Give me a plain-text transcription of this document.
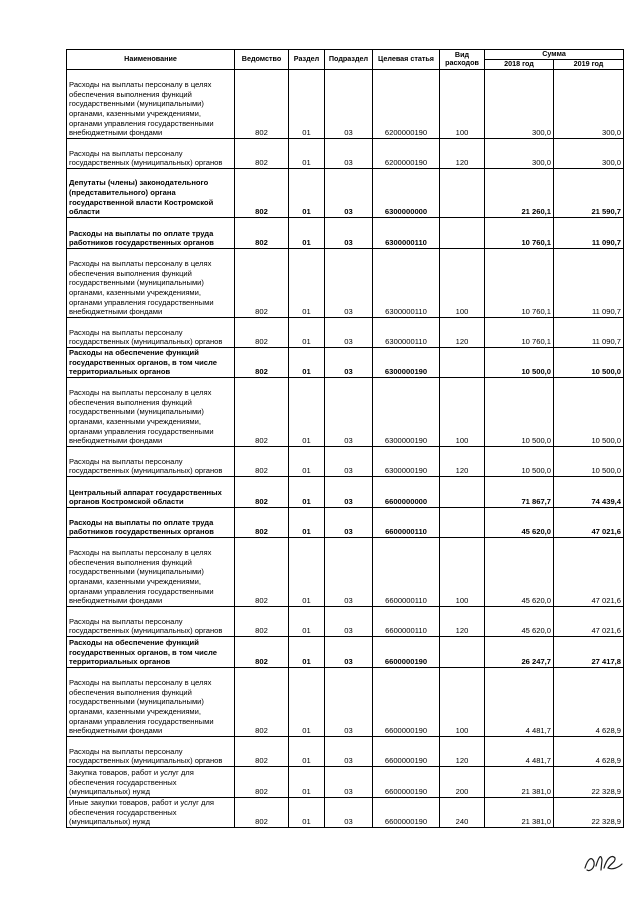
Наименование	Ведомство	Раздел	Подраздел	Целевая статья	Вид расходов	Сумма	
						2018 год	2019 год
Расходы на выплаты персоналу в целях обеспечения выполнения функций государственными (муниципальными) органами, казенными учреждениями, органами управления государственными внебюджетными фондами	802	01	03	6200000190	100	300,0	300,0
Расходы на выплаты персоналу государственных (муниципальных) органов	802	01	03	6200000190	120	300,0	300,0
Депутаты (члены) законодательного (представительного) органа государственной власти Костромской области	802	01	03	6300000000		21 260,1	21 590,7
Расходы на выплаты по оплате труда работников государственных органов	802	01	03	6300000110		10 760,1	11 090,7
Расходы на выплаты персоналу в целях обеспечения выполнения функций государственными (муниципальными) органами, казенными учреждениями, органами управления государственными внебюджетными фондами	802	01	03	6300000110	100	10 760,1	11 090,7
Расходы на выплаты персоналу государственных (муниципальных) органов	802	01	03	6300000110	120	10 760,1	11 090,7
Расходы на обеспечение функций государственных органов, в том числе территориальных органов	802	01	03	6300000190		10 500,0	10 500,0
Расходы на выплаты персоналу в целях обеспечения выполнения функций государственными (муниципальными) органами, казенными учреждениями, органами управления государственными внебюджетными фондами	802	01	03	6300000190	100	10 500,0	10 500,0
Расходы на выплаты персоналу государственных (муниципальных) органов	802	01	03	6300000190	120	10 500,0	10 500,0
Центральный аппарат государственных органов Костромской области	802	01	03	6600000000		71 867,7	74 439,4
Расходы на выплаты по оплате труда работников государственных органов	802	01	03	6600000110		45 620,0	47 021,6
Расходы на выплаты персоналу в целях обеспечения выполнения функций государственными (муниципальными) органами, казенными учреждениями, органами управления государственными внебюджетными фондами	802	01	03	6600000110	100	45 620,0	47 021,6
Расходы на выплаты персоналу государственных (муниципальных) органов	802	01	03	6600000110	120	45 620,0	47 021,6
Расходы на обеспечение функций государственных органов, в том числе территориальных органов	802	01	03	6600000190		26 247,7	27 417,8
Расходы на выплаты персоналу в целях обеспечения выполнения функций государственными (муниципальными) органами, казенными учреждениями, органами управления государственными внебюджетными фондами	802	01	03	6600000190	100	4 481,7	4 628,9
Расходы на выплаты персоналу государственных (муниципальных) органов	802	01	03	6600000190	120	4 481,7	4 628,9
Закупка товаров, работ и услуг для обеспечения государственных (муниципальных) нужд	802	01	03	6600000190	200	21 381,0	22 328,9
Иные закупки товаров, работ и услуг для обеспечения государственных (муниципальных) нужд	802	01	03	6600000190	240	21 381,0	22 328,9
